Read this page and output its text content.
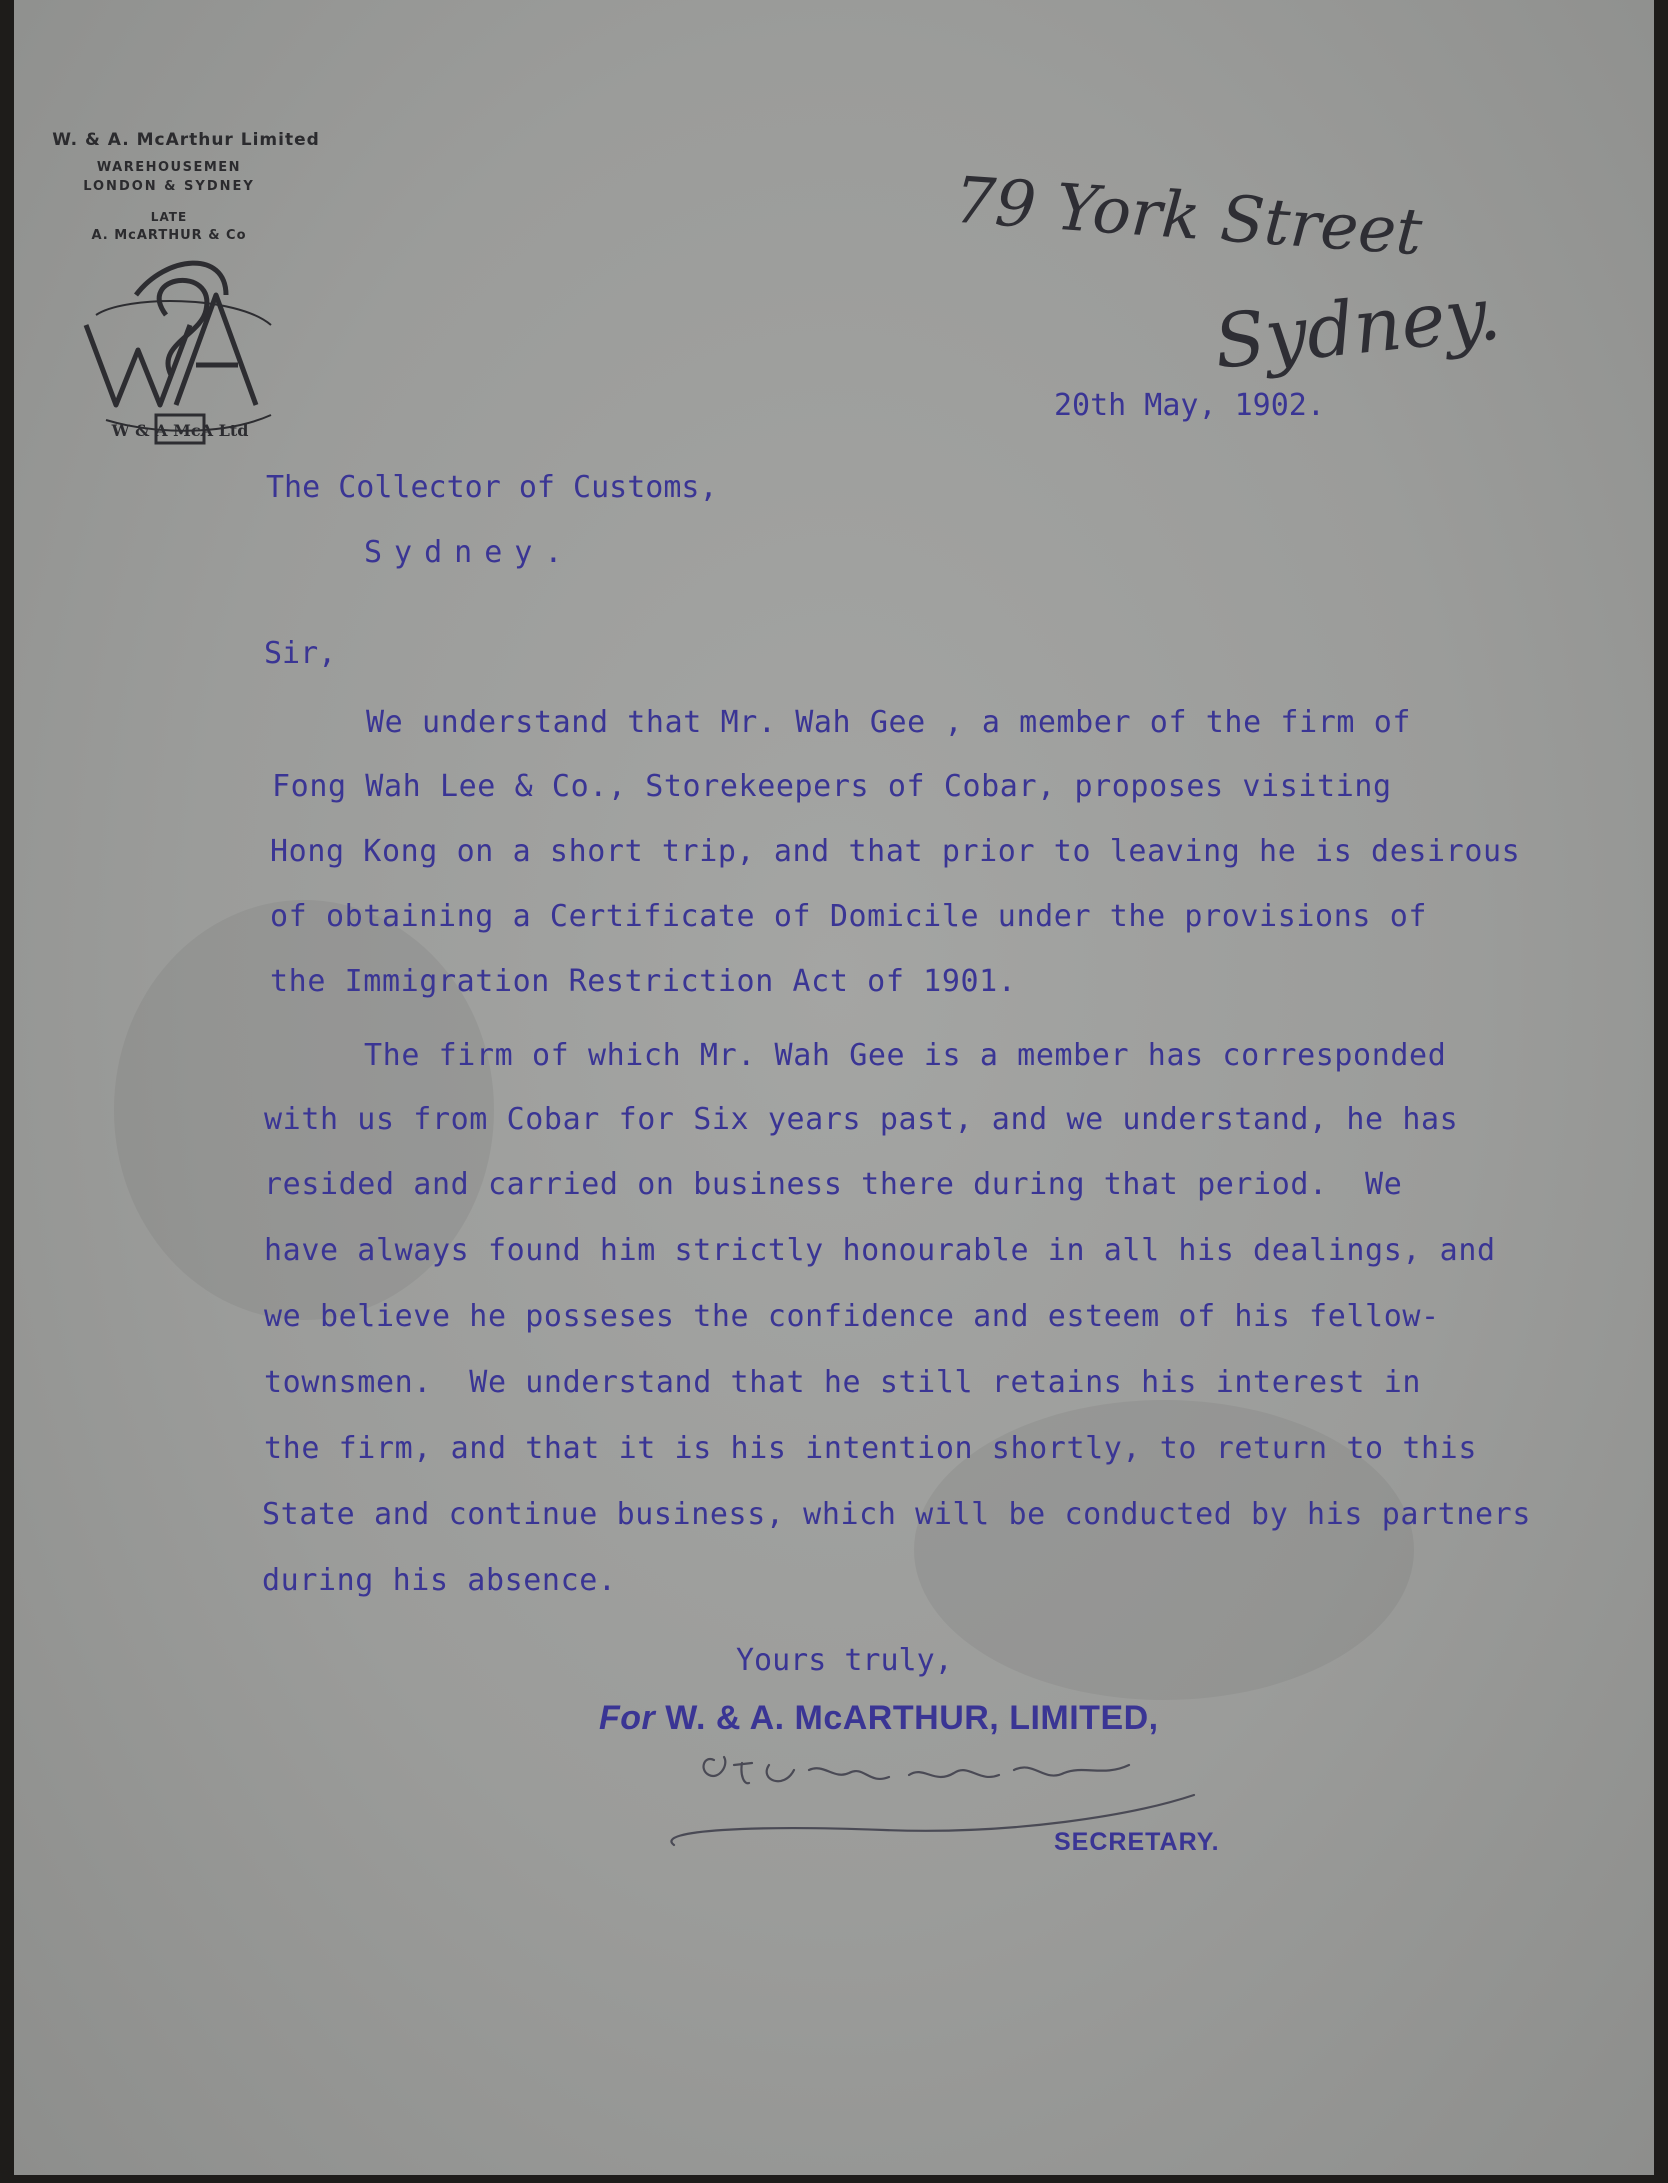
W. & A. McArthur Limited
WAREHOUSEMEN
LONDON & SYDNEY
LATE
A. McARTHUR & Co
W & A McA Ltd
79 York Street
Sydney.
20th May, 1902.
The Collector of Customs,
Sydney.
Sir,
We understand that Mr. Wah Gee , a member of the firm of
Fong Wah Lee & Co., Storekeepers of Cobar, proposes visiting
Hong Kong on a short trip, and that prior to leaving he is desirous
of obtaining a Certificate of Domicile under the provisions of
the Immigration Restriction Act of 1901.
The firm of which Mr. Wah Gee is a member has corresponded
with us from Cobar for Six years past, and we understand, he has
resided and carried on business there during that period.  We
have always found him strictly honourable in all his dealings, and
we believe he posseses the confidence and esteem of his fellow-
townsmen.  We understand that he still retains his interest in
the firm, and that it is his intention shortly, to return to this
State and continue business, which will be conducted by his partners
during his absence.
Yours truly,
For W. & A. McARTHUR, LIMITED,
SECRETARY.
